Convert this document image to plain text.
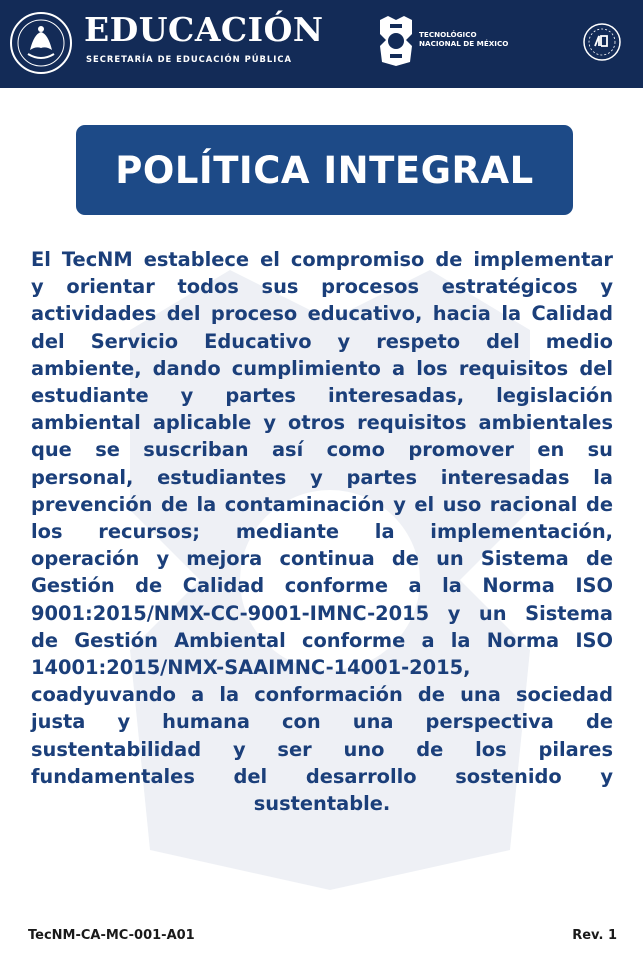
EDUCACIÓN
SECRETARÍA DE EDUCACIÓN PÚBLICA
TECNOLÓGICO
NACIONAL DE MÉXICO
POLÍTICA INTEGRAL
El TecNM establece el compromiso de implementar y orientar todos sus procesos estratégicos y actividades del proceso educativo, hacia la Calidad del Servicio Educativo y respeto del medio ambiente, dando cumplimiento a los requisitos del estudiante y partes interesadas, legislación ambiental aplicable y otros requisitos ambientales que se suscriban así como promover en su personal, estudiantes y partes interesadas la prevención de la contaminación y el uso racional de los recursos; mediante la implementación, operación y mejora continua de un Sistema de Gestión de Calidad conforme a la Norma ISO 9001:2015/NMX-CC-9001-IMNC-2015 y un Sistema de Gestión Ambiental conforme a la Norma ISO 14001:2015/NMX-SAAIMNC-14001-2015, coadyuvando a la conformación de una sociedad justa y humana con una perspectiva de sustentabilidad y ser uno de los pilares fundamentales del desarrollo sostenido y sustentable.
TecNM-CA-MC-001-A01	Rev. 1
